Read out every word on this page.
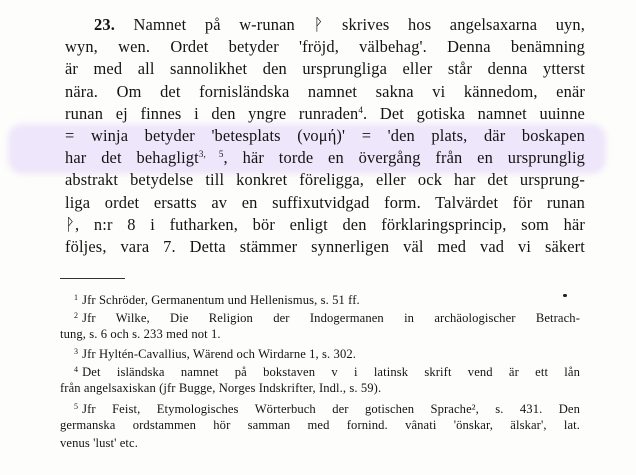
23. Namnet på w-runan ᚹ skrives hos angelsaxarna uyn,
wyn, wen. Ordet betyder 'fröjd, välbehag'. Denna benämning
är med all sannolikhet den ursprungliga eller står denna ytterst
nära. Om det fornisländska namnet sakna vi kännedom, enär
runan ej finnes i den yngre runraden$^4$. Det gotiska namnet uuinne
= winja betyder 'betesplats (νομή)' = 'den plats, där boskapen
har det behagligt$^{3, 5}$, här torde en övergång från en ursprunglig
abstrakt betydelse till konkret föreligga, eller ock har det ursprung-
liga ordet ersatts av en suffixutvidgad form. Talvärdet för runan
ᚹ, n:r 8 i futharken, bör enligt den förklaringsprincip, som här
följes, vara 7. Detta stämmer synnerligen väl med vad vi säkert
$^1$ Jfr Schröder, Germanentum und Hellenismus, s. 51 ff.
$^2$ Jfr Wilke, Die Religion der Indogermanen in archäologischer Betrach-
tung, s. 6 och s. 233 med not 1.
$^3$ Jfr Hyltén-Cavallius, Wärend och Wirdarne 1, s. 302.
$^4$ Det isländska namnet på bokstaven v i latinsk skrift vend är ett lån
från angelsaxiskan (jfr Bugge, Norges Indskrifter, Indl., s. 59).
$^5$ Jfr Feist, Etymologisches Wörterbuch der gotischen Sprache², s. 431. Den
germanska ordstammen hör samman med fornind. vânati 'önskar, älskar', lat.
venus 'lust' etc.
